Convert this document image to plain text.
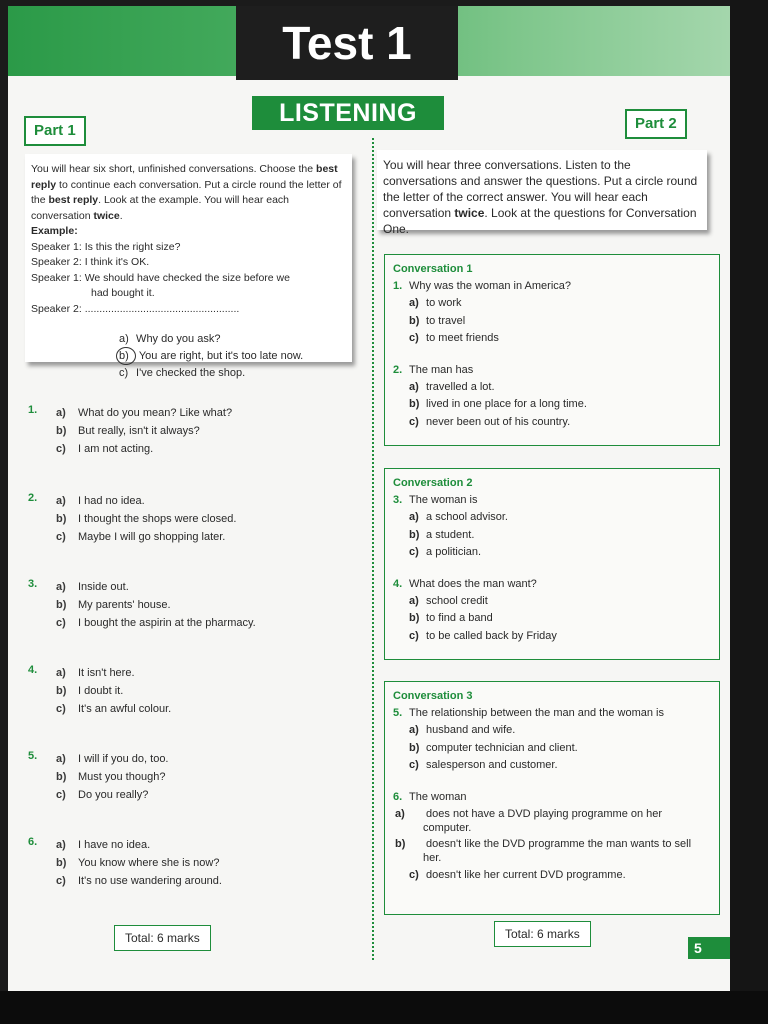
Test 1
LISTENING
Part 1	Part 2

You will hear six short, unfinished conversations. Choose the best reply to continue each conversation. Put a circle round the letter of the best reply. Look at the example. You will hear each conversation twice.

Example:

Speaker 1: Is this the right size?

Speaker 2: I think it's OK.

Speaker 1: We should have checked the size before we

had bought it.

Speaker 2: .....................................................

a) Why do you ask?
b) You are right, but it's too late now.
c) I've checked the shop.
You will hear three conversations. Listen to the conversations and answer the questions. Put a circle round the letter of the correct answer. You will hear each conversation twice. Look at the questions for Conversation One.
1. a) What do you mean? Like what?
b) But really, isn't it always?
c) I am not acting.
2. a) I had no idea.
b) I thought the shops were closed.
c) Maybe I will go shopping later.
3. a) Inside out.
b) My parents' house.
c) I bought the aspirin at the pharmacy.
4. a) It isn't here.
b) I doubt it.
c) It's an awful colour.
5. a) I will if you do, too.
b) Must you though?
c) Do you really?
6. a) I have no idea.
b) You know where she is now?
c) It's no use wandering around.
Conversation 1
1. Why was the woman in America?
a) to work
b) to travel
c) to meet friends
2. The man has
a) travelled a lot.
b) lived in one place for a long time.
c) never been out of his country.
Conversation 2
3. The woman is
a) a school advisor.
b) a student.
c) a politician.
4. What does the man want?
a) school credit
b) to find a band
c) to be called back by Friday
Conversation 3
5. The relationship between the man and the woman is
a) husband and wife.
b) computer technician and client.
c) salesperson and customer.
6. The woman
a) does not have a DVD playing programme on her computer.
b) doesn't like the DVD programme the man wants to sell her.
c) doesn't like her current DVD programme.
Total: 6 marks	Total: 6 marks
5
